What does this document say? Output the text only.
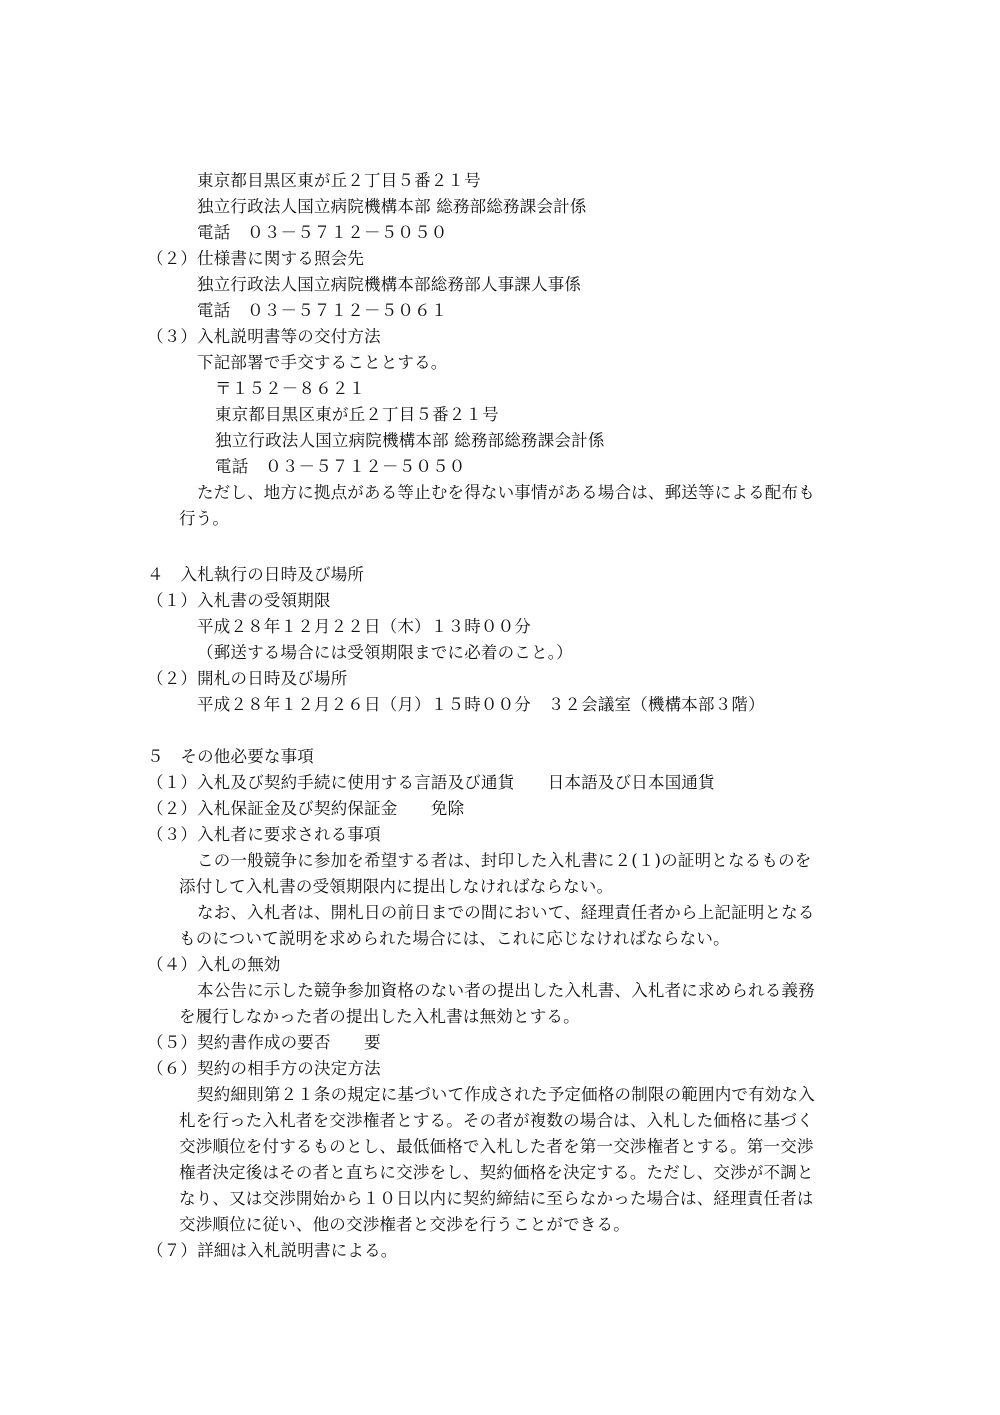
東京都目黒区東が丘２丁目５番２１号
独立行政法人国立病院機構本部 総務部総務課会計係
電話　０３－５７１２－５０５０
（２）仕様書に関する照会先
独立行政法人国立病院機構本部総務部人事課人事係
電話　０３－５７１２－５０６１
（３）入札説明書等の交付方法
下記部署で手交することとする。
〒１５２－８６２１
東京都目黒区東が丘２丁目５番２１号
独立行政法人国立病院機構本部 総務部総務課会計係
電話　０３－５７１２－５０５０
ただし、地方に拠点がある等止むを得ない事情がある場合は、郵送等による配布も
行う。
４　入札執行の日時及び場所
（１）入札書の受領期限
平成２８年１２月２２日（木）１３時００分
（郵送する場合には受領期限までに必着のこと。）
（２）開札の日時及び場所
平成２８年１２月２６日（月）１５時００分　３２会議室（機構本部３階）
５　その他必要な事項
（１）入札及び契約手続に使用する言語及び通貨　　日本語及び日本国通貨
（２）入札保証金及び契約保証金　　免除
（３）入札者に要求される事項
この一般競争に参加を希望する者は、封印した入札書に２(１)の証明となるものを
添付して入札書の受領期限内に提出しなければならない。
なお、入札者は、開札日の前日までの間において、経理責任者から上記証明となる
ものについて説明を求められた場合には、これに応じなければならない。
（４）入札の無効
本公告に示した競争参加資格のない者の提出した入札書、入札者に求められる義務
を履行しなかった者の提出した入札書は無効とする。
（５）契約書作成の要否　　要
（６）契約の相手方の決定方法
契約細則第２１条の規定に基づいて作成された予定価格の制限の範囲内で有効な入
札を行った入札者を交渉権者とする。その者が複数の場合は、入札した価格に基づく
交渉順位を付するものとし、最低価格で入札した者を第一交渉権者とする。第一交渉
権者決定後はその者と直ちに交渉をし、契約価格を決定する。ただし、交渉が不調と
なり、又は交渉開始から１０日以内に契約締結に至らなかった場合は、経理責任者は
交渉順位に従い、他の交渉権者と交渉を行うことができる。
（７）詳細は入札説明書による。
